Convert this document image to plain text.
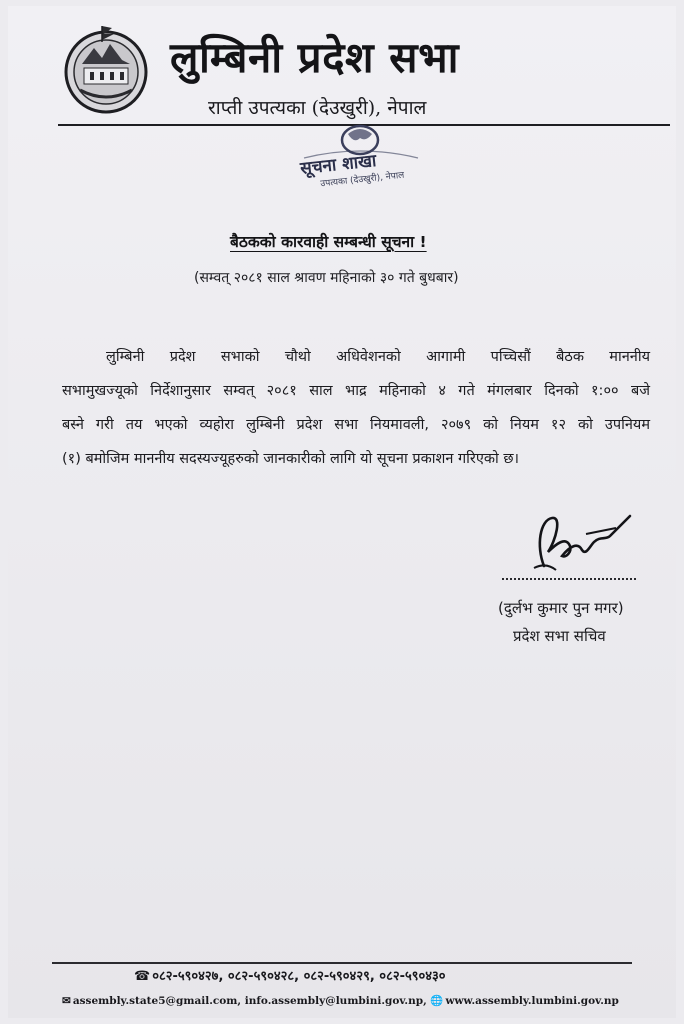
लुम्बिनी प्रदेश सभा
राप्ती उपत्यका (देउखुरी), नेपाल
सूचना शाखा
उपत्यका (देउखुरी), नेपाल
बैठकको कारवाही सम्बन्धी सूचना !
(सम्वत् २०८१ साल श्रावण महिनाको ३० गते बुधबार)
लुम्बिनी प्रदेश सभाको चौथो अधिवेशनको आगामी पच्चिसौं बैठक माननीय
सभामुखज्यूको निर्देशानुसार सम्वत् २०८१ साल भाद्र महिनाको ४ गते मंगलबार दिनको १:०० बजे
बस्ने गरी तय भएको व्यहोरा लुम्बिनी प्रदेश सभा नियमावली, २०७९ को नियम १२ को उपनियम
(१) बमोजिम माननीय सदस्यज्यूहरुको जानकारीको लागि यो सूचना प्रकाशन गरिएको छ।
(दुर्लभ कुमार पुन मगर)
प्रदेश सभा सचिव
☎ ०८२-५९०४२७, ०८२-५९०४२८, ०८२-५९०४२९, ०८२-५९०४३०
✉ assembly.state5@gmail.com, info.assembly@lumbini.gov.np, 🌐 www.assembly.lumbini.gov.np
